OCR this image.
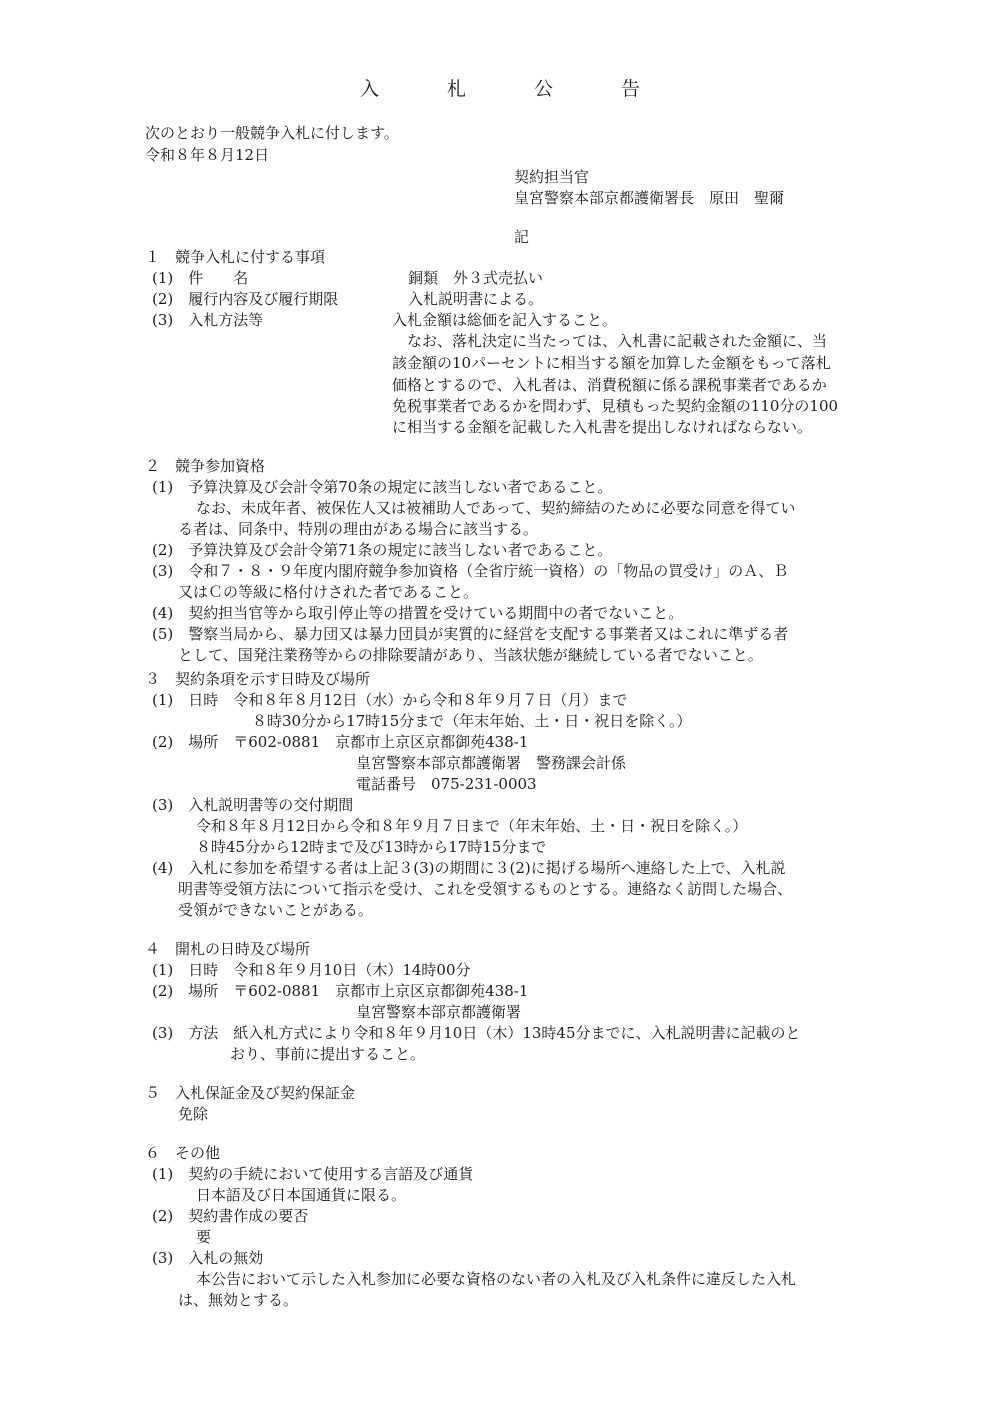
入	札	公	告
次のとおり一般競争入札に付します。
令和８年８月12日
契約担当官
皇宮警察本部京都護衛署長　原田　聖爾
記
１　競争入札に付する事項
(1)　件　　名	銅類　外３式売払い
(2)　履行内容及び履行期限	入札説明書による。
(3)　入札方法等	入札金額は総価を記入すること。
　なお、落札決定に当たっては、入札書に記載された金額に、当
該金額の10パーセントに相当する額を加算した金額をもって落札
価格とするので、入札者は、消費税額に係る課税事業者であるか
免税事業者であるかを問わず、見積もった契約金額の110分の100
に相当する金額を記載した入札書を提出しなければならない。
２　競争参加資格
(1)　予算決算及び会計令第70条の規定に該当しない者であること。
なお、未成年者、被保佐人又は被補助人であって、契約締結のために必要な同意を得てい
る者は、同条中、特別の理由がある場合に該当する。
(2)　予算決算及び会計令第71条の規定に該当しない者であること。
(3)　令和７・８・９年度内閣府競争参加資格（全省庁統一資格）の「物品の買受け」のＡ、Ｂ
又はＣの等級に格付けされた者であること。
(4)　契約担当官等から取引停止等の措置を受けている期間中の者でないこと。
(5)　警察当局から、暴力団又は暴力団員が実質的に経営を支配する事業者又はこれに準ずる者
として、国発注業務等からの排除要請があり、当該状態が継続している者でないこと。
３　契約条項を示す日時及び場所
(1)　日時　令和８年８月12日（水）から令和８年９月７日（月）まで
８時30分から17時15分まで（年末年始、土・日・祝日を除く。）
(2)　場所　〒602-0881　京都市上京区京都御苑438-1
皇宮警察本部京都護衛署　警務課会計係
電話番号　075-231-0003
(3)　入札説明書等の交付期間
令和８年８月12日から令和８年９月７日まで（年末年始、土・日・祝日を除く。）
８時45分から12時まで及び13時から17時15分まで
(4)　入札に参加を希望する者は上記３(3)の期間に３(2)に掲げる場所へ連絡した上で、入札説
明書等受領方法について指示を受け、これを受領するものとする。連絡なく訪問した場合、
受領ができないことがある。
４　開札の日時及び場所
(1)　日時　令和８年９月10日（木）14時00分
(2)　場所　〒602-0881　京都市上京区京都御苑438-1
皇宮警察本部京都護衛署
(3)　方法　紙入札方式により令和８年９月10日（木）13時45分までに、入札説明書に記載のと
おり、事前に提出すること。
５　入札保証金及び契約保証金
免除
６　その他
(1)　契約の手続において使用する言語及び通貨
日本語及び日本国通貨に限る。
(2)　契約書作成の要否
要
(3)　入札の無効
本公告において示した入札参加に必要な資格のない者の入札及び入札条件に違反した入札
は、無効とする。
